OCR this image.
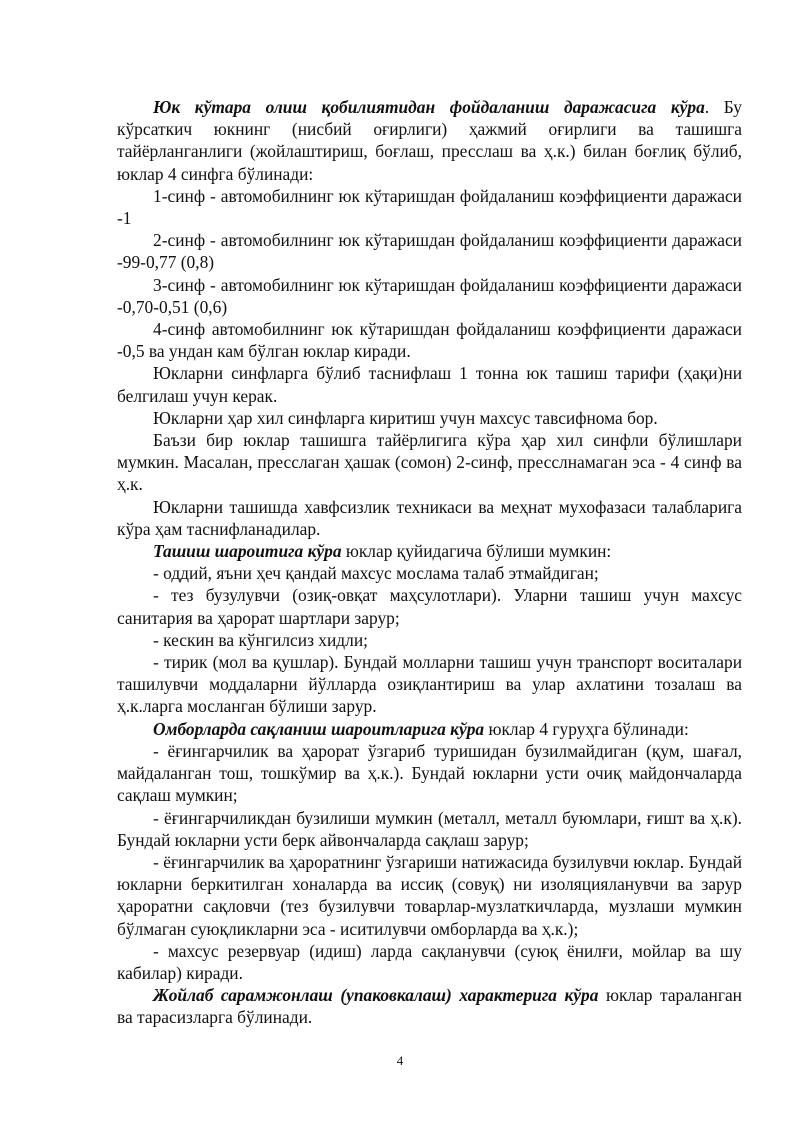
Юк кўтара олиш қобилиятидан фойдаланиш даражасига кўра. Бу кўрсаткич юкнинг (нисбий оғирлиги) ҳажмий оғирлиги ва ташишга тайёрланганлиги (жойлаштириш, боғлаш, пресслаш ва ҳ.к.) билан боғлиқ бўлиб, юклар 4 синфга бўлинади:

1-синф - автомобилнинг юк кўтаришдан фойдаланиш коэффициенти даражаси -1

2-синф - автомобилнинг юк кўтаришдан фойдаланиш коэффициенти даражаси -99-0,77 (0,8)

3-синф - автомобилнинг юк кўтаришдан фойдаланиш коэффициенти даражаси -0,70-0,51 (0,6)

4-синф автомобилнинг юк кўтаришдан фойдаланиш коэффициенти даражаси -0,5 ва ундан кам бўлган юклар киради.

Юкларни синфларга бўлиб таснифлаш 1 тонна юк ташиш тарифи (ҳақи)ни белгилаш учун керак.

Юкларни ҳар хил синфларга киритиш учун махсус тавсифнома бор.

Баъзи бир юклар ташишга тайёрлигига кўра ҳар хил синфли бўлишлари мумкин. Масалан, пресслаган ҳашак (сомон) 2-синф, пресслнамаган эса - 4 синф ва ҳ.к.

Юкларни ташишда хавфсизлик техникаси ва меҳнат мухофазаси талабларига кўра ҳам таснифланадилар.

Ташиш шароитига кўра юклар қуйидагича бўлиши мумкин:

- оддий, яъни ҳеч қандай махсус мослама талаб этмайдиган;

- тез бузулувчи (озиқ-овқат маҳсулотлари). Уларни ташиш учун махсус санитария ва ҳарорат шартлари зарур;

- кескин ва кўнгилсиз хидли;

- тирик (мол ва қушлар). Бундай молларни ташиш учун транспорт воситалари ташилувчи моддаларни йўлларда озиқлантириш ва улар ахлатини тозалаш ва ҳ.к.ларга мосланган бўлиши зарур.

Омборларда сақланиш шароитларига кўра юклар 4 гуруҳга бўлинади:

- ёғингарчилик ва ҳарорат ўзгариб туришидан бузилмайдиган (қум, шағал, майдаланган тош, тошкўмир ва ҳ.к.). Бундай юкларни усти очиқ майдончаларда сақлаш мумкин;

- ёғингарчиликдан бузилиши мумкин (металл, металл буюмлари, ғишт ва ҳ.к). Бундай юкларни усти берк айвончаларда сақлаш зарур;

- ёғингарчилик ва ҳароратнинг ўзгариши натижасида бузилувчи юклар. Бундай юкларни беркитилган хоналарда ва иссиқ (совуқ) ни изоляцияланувчи ва зарур ҳароратни сақловчи (тез бузилувчи товарлар-музлаткичларда, музлаши мумкин бўлмаган суюқликларни эса - иситилувчи омборларда ва ҳ.к.);

- махсус резервуар (идиш) ларда сақланувчи (суюқ ёнилғи, мойлар ва шу кабилар) киради.

Жойлаб сарамжонлаш (упаковкалаш) характерига кўра юклар тараланган ва тарасизларга бўлинади.

4
